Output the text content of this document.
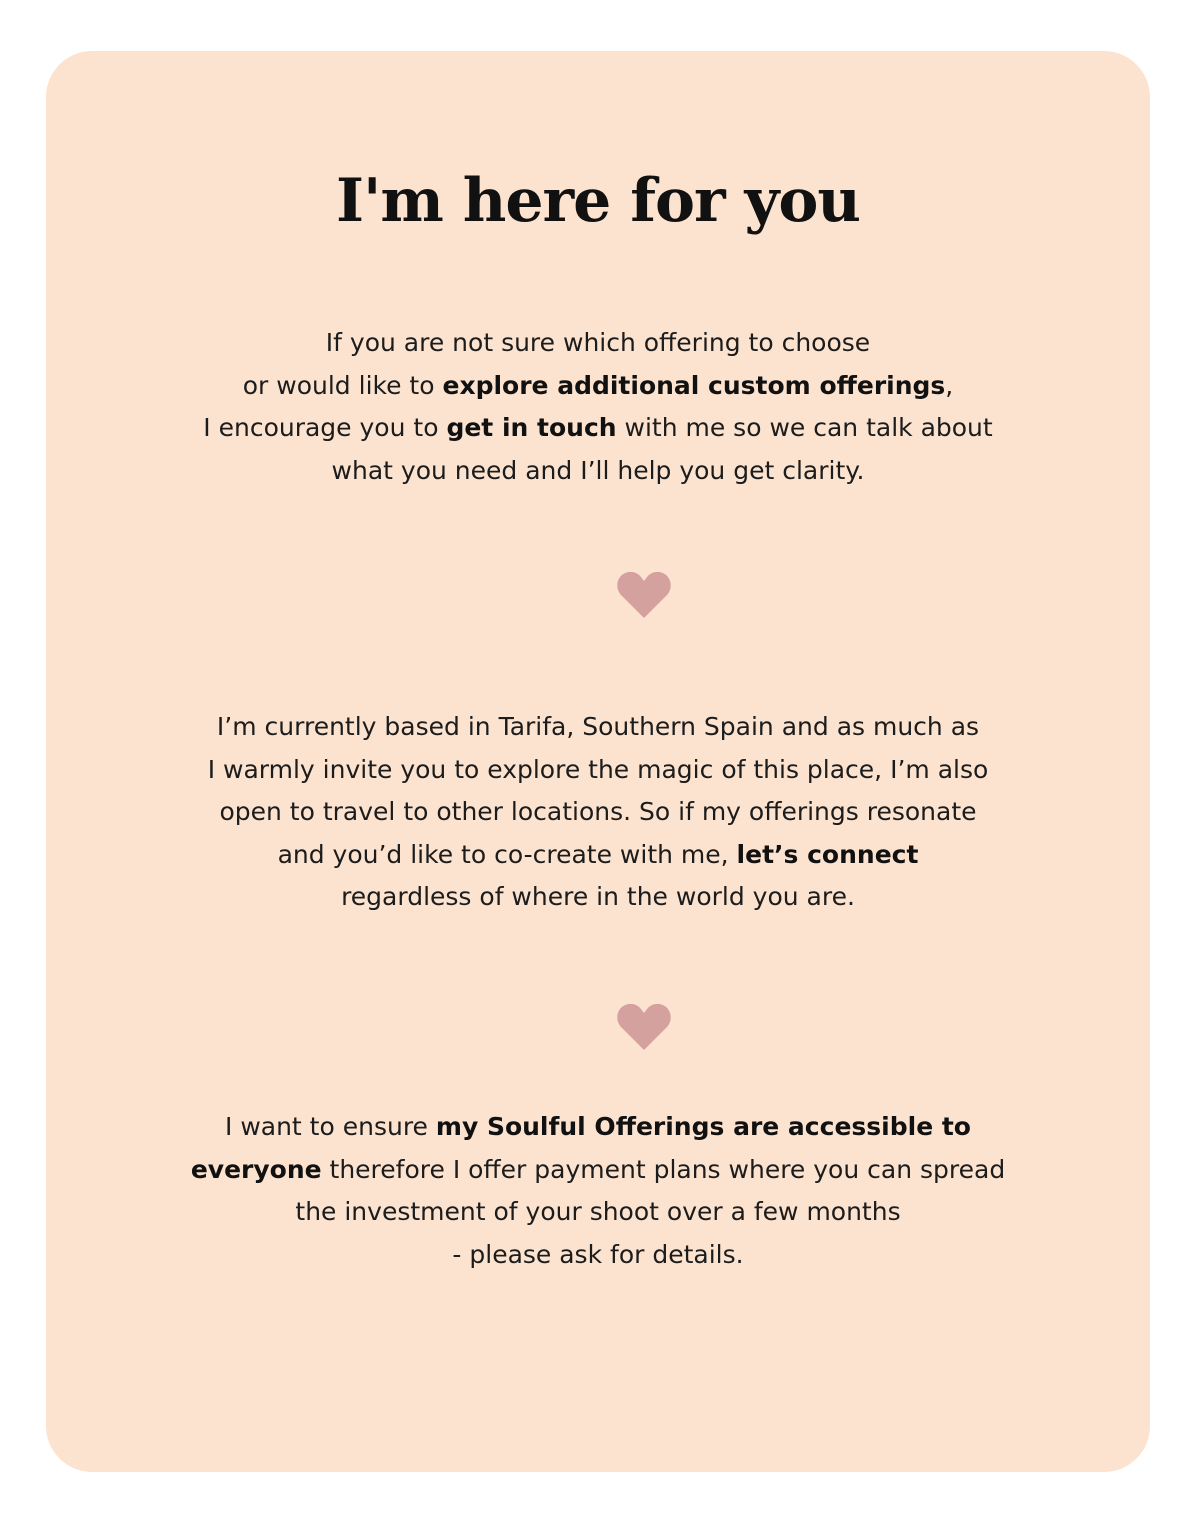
I'm here for you

If you are not sure which offering to choose
or would like to explore additional custom offerings,
I encourage you to get in touch with me so we can talk about
what you need and I’ll help you get clarity.

I’m currently based in Tarifa, Southern Spain and as much as
I warmly invite you to explore the magic of this place, I’m also
open to travel to other locations. So if my offerings resonate
and you’d like to co-create with me, let’s connect
regardless of where in the world you are.

I want to ensure my Soulful Offerings are accessible to
everyone therefore I offer payment plans where you can spread
the investment of your shoot over a few months
- please ask for details.
